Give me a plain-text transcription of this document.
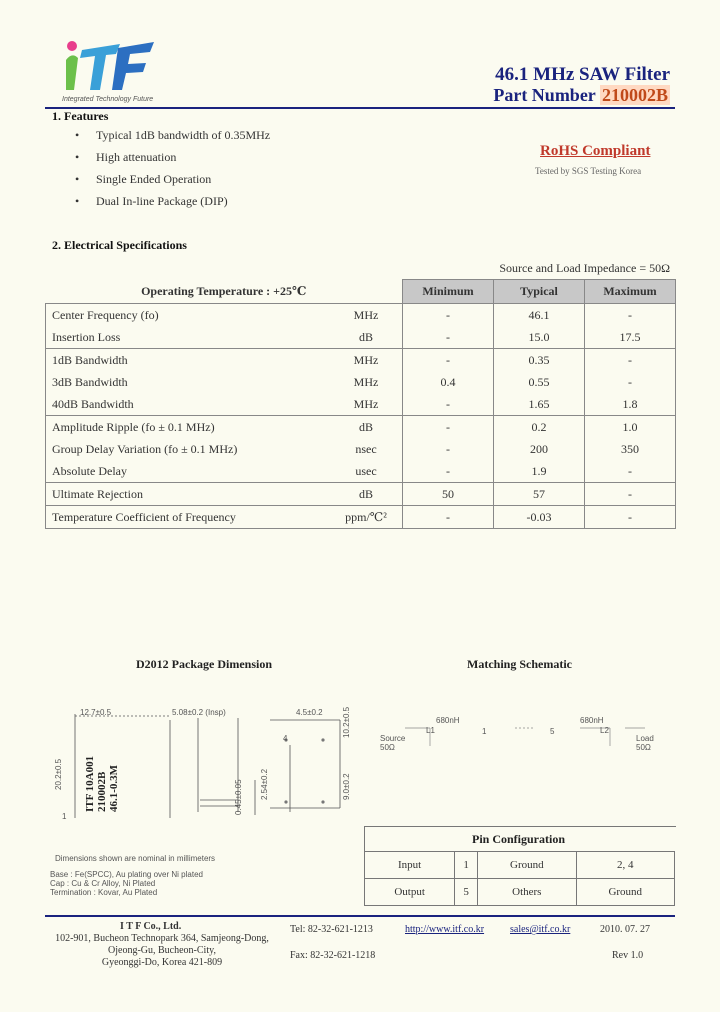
Integrated Technology Future
46.1 MHz SAW Filter
Part Number 210002B
1. Features
• Typical 1dB bandwidth of 0.35MHz
• High attenuation
• Single Ended Operation
• Dual In-line Package (DIP)
RoHS Compliant
Tested by SGS Testing Korea
2. Electrical Specifications
Source and Load Impedance = 50Ω
Operating Temperature : +25℃		Minimum	Typical	Maximum
Center Frequency (fo)	MHz	-	46.1	-
Insertion Loss	dB	-	15.0	17.5
1dB Bandwidth	MHz	-	0.35	-
3dB Bandwidth	MHz	0.4	0.55	-
40dB Bandwidth	MHz	-	1.65	1.8
Amplitude Ripple (fo ± 0.1 MHz)	dB	-	0.2	1.0
Group Delay Variation (fo ± 0.1 MHz)	nsec	-	200	350
Absolute Delay	usec	-	1.9	-
Ultimate Rejection	dB	50	57	-
Temperature Coefficient of Frequency	ppm/℃²	-	-0.03	-
D2012 Package Dimension
12.7±0.5	5.08±0.2 (Insp)	4.5±0.2
20.2±0.5
0.45±0.05 2.54±0.2	9.0±0.2
10.2±0.5
ITF 10A001 210002B 46.1-0.3M
1
4
Dimensions shown are nominal in millimeters
Base : Fe(SPCC), Au plating over Ni plated
Cap : Cu & Cr Alloy, Ni Plated
Termination : Kovar, Au Plated
Matching Schematic
680nH
L1
680nH
L2
1	5
Source 50Ω
Load 50Ω
Pin Configuration
Input	1	Ground	2, 4
Output	5	Others	Ground
I T F Co., Ltd.
102-901, Bucheon Technopark 364, Samjeong-Dong,
Ojeong-Gu, Bucheon-City,
Gyeonggi-Do, Korea 421-809
Tel: 82-32-621-1213
Fax: 82-32-621-1218
http://www.itf.co.kr	sales@itf.co.kr	2010. 07. 27
Rev 1.0
